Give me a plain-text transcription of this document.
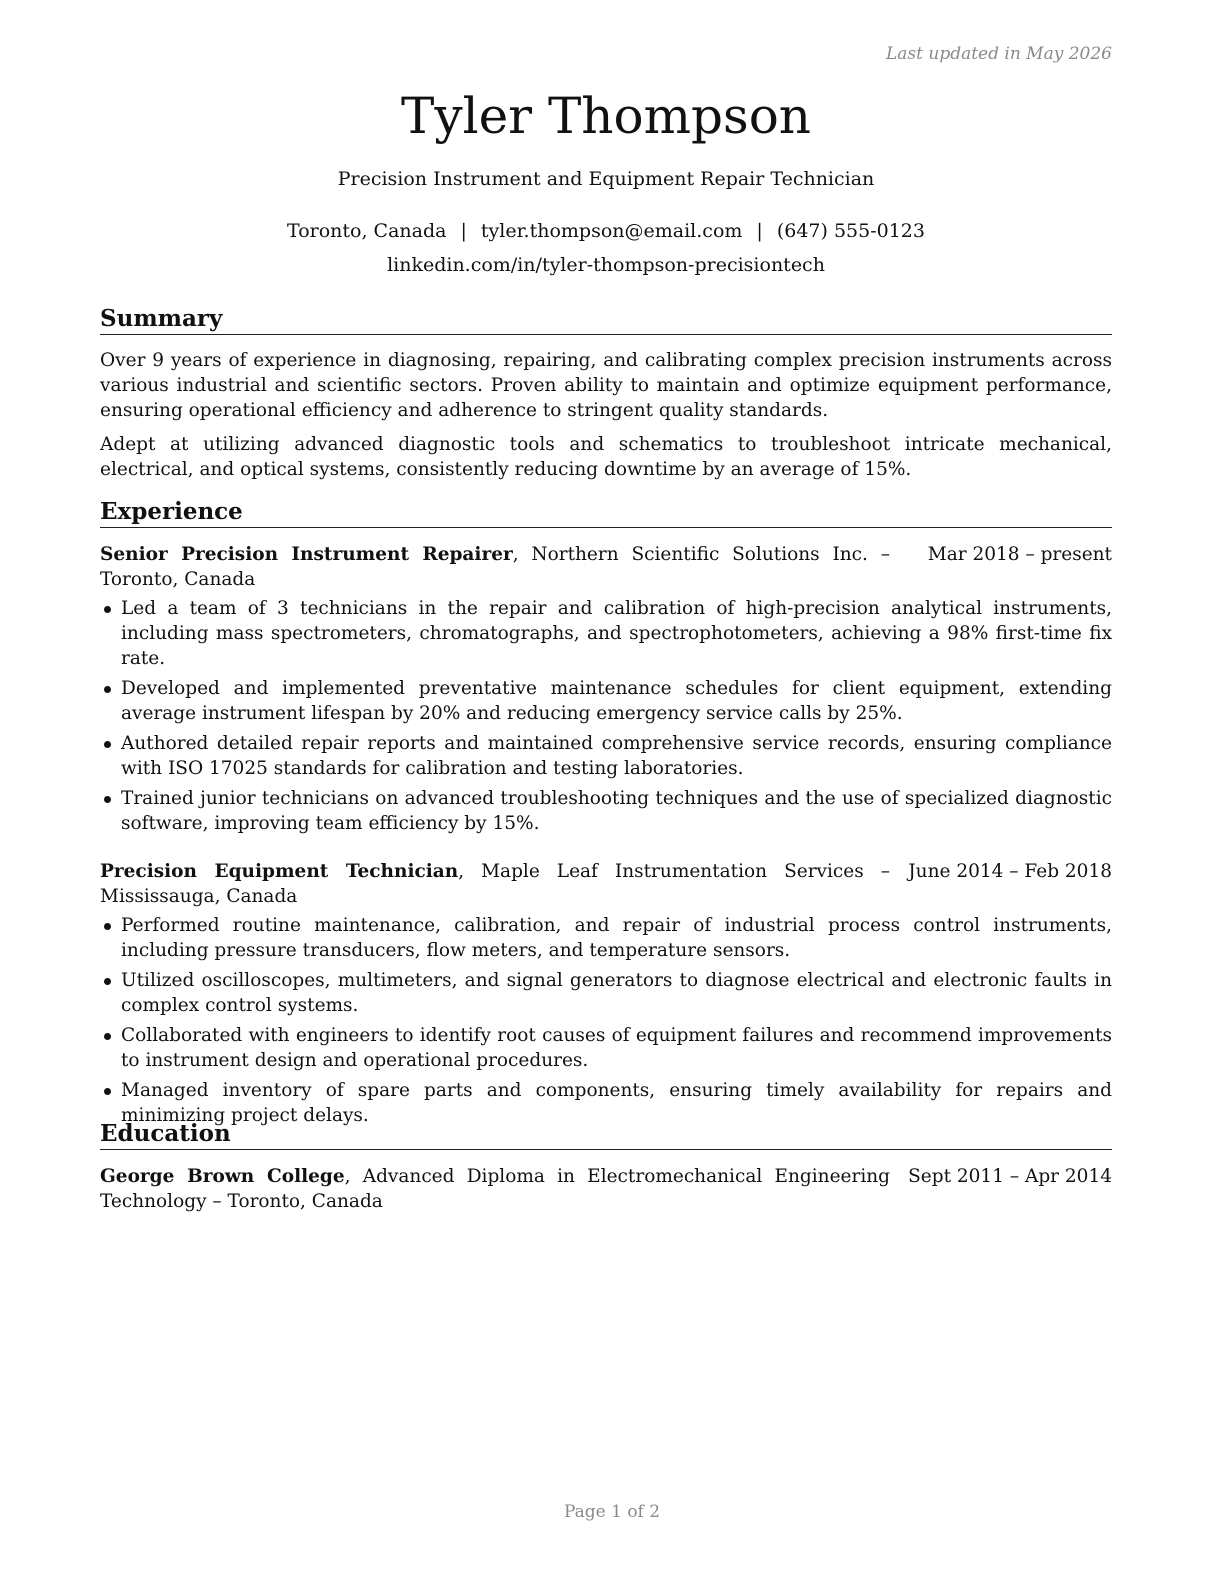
Last updated in May 2026
Tyler Thompson
Precision Instrument and Equipment Repair Technician
Toronto, Canada | tyler.thompson@email.com | (647) 555-0123
linkedin.com/in/tyler-thompson-precisiontech
Summary

Over 9 years of experience in diagnosing, repairing, and calibrating complex precision instruments across various industrial and scientific sectors. Proven ability to maintain and optimize equipment performance, ensuring operational efficiency and adherence to stringent quality standards.

Adept at utilizing advanced diagnostic tools and schematics to troubleshoot intricate mechanical, electrical, and optical systems, consistently reducing downtime by an average of 15%.

Experience
Senior Precision Instrument Repairer, Northern Scientific Solutions Inc. – Toronto, Canada
Mar 2018 – present
Led a team of 3 technicians in the repair and calibration of high-precision analytical instruments, including mass spectrometers, chromatographs, and spectrophotometers, achieving a 98% first-time fix rate.
Developed and implemented preventative maintenance schedules for client equipment, extending average instrument lifespan by 20% and reducing emergency service calls by 25%.
Authored detailed repair reports and maintained comprehensive service records, ensuring compliance with ISO 17025 standards for calibration and testing laboratories.
Trained junior technicians on advanced troubleshooting techniques and the use of specialized diagnostic software, improving team efficiency by 15%.
Precision Equipment Technician, Maple Leaf Instrumentation Services – Mississauga, Canada
June 2014 – Feb 2018
Performed routine maintenance, calibration, and repair of industrial process control instruments, including pressure transducers, flow meters, and temperature sensors.
Utilized oscilloscopes, multimeters, and signal generators to diagnose electrical and electronic faults in complex control systems.
Collaborated with engineers to identify root causes of equipment failures and recommend improvements to instrument design and operational procedures.
Managed inventory of spare parts and components, ensuring timely availability for repairs and minimizing project delays.
Education
George Brown College, Advanced Diploma in Electromechanical Engineering Technology – Toronto, Canada
Sept 2011 – Apr 2014
Page 1 of 2
